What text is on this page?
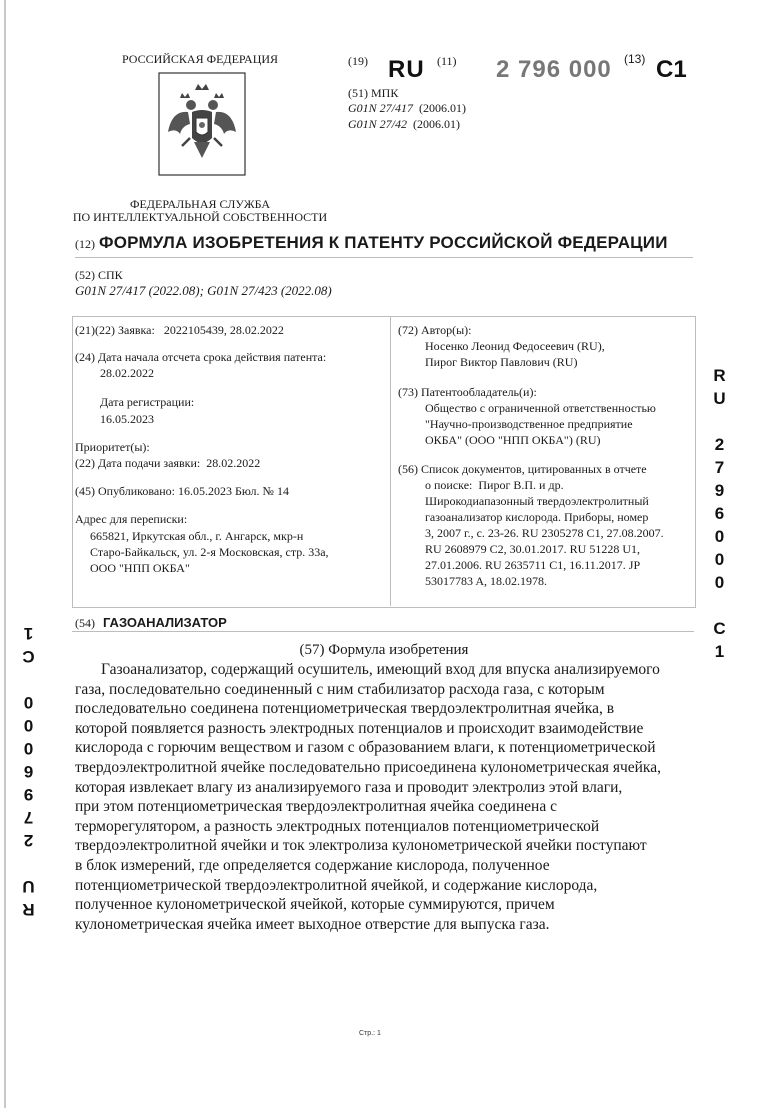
РОССИЙСКАЯ ФЕДЕРАЦИЯ
ФЕДЕРАЛЬНАЯ СЛУЖБА
ПО ИНТЕЛЛЕКТУАЛЬНОЙ СОБСТВЕННОСТИ
(19) RU (11) 2 796 000 (13) C1
(51) МПК
G01N 27/417 (2006.01)
G01N 27/42 (2006.01)
(12) ФОРМУЛА ИЗОБРЕТЕНИЯ К ПАТЕНТУ РОССИЙСКОЙ ФЕДЕРАЦИИ
(52) СПК
G01N 27/417 (2022.08); G01N 27/423 (2022.08)
(21)(22) Заявка: 2022105439, 28.02.2022
(24) Дата начала отсчета срока действия патента:
28.02.2022
Дата регистрации:
16.05.2023
Приоритет(ы):
(22) Дата подачи заявки: 28.02.2022
(45) Опубликовано: 16.05.2023 Бюл. № 14
Адрес для переписки:
665821, Иркутская обл., г. Ангарск, мкр-н
Старо-Байкальск, ул. 2-я Московская, стр. 33а,
ООО "НПП ОКБА"
(72) Автор(ы):
Носенко Леонид Федосеевич (RU),
Пирог Виктор Павлович (RU)
(73) Патентообладатель(и):
Общество с ограниченной ответственностью
"Научно-производственное предприятие
ОКБА" (ООО "НПП ОКБА") (RU)
(56) Список документов, цитированных в отчете
о поиске: Пирог В.П. и др.
Широкодиапазонный твердоэлектролитный
газоанализатор кислорода. Приборы, номер
3, 2007 г., с. 23-26. RU 2305278 C1, 27.08.2007.
RU 2608979 C2, 30.01.2017. RU 51228 U1,
27.01.2006. RU 2635711 C1, 16.11.2017. JP
53017783 A, 18.02.1978.
(54) ГАЗОАНАЛИЗАТОР
(57) Формула изобретения
Газоанализатор, содержащий осушитель, имеющий вход для впуска анализируемого
газа, последовательно соединенный с ним стабилизатор расхода газа, с которым
последовательно соединена потенциометрическая твердоэлектролитная ячейка, в
которой появляется разность электродных потенциалов и происходит взаимодействие
кислорода с горючим веществом и газом с образованием влаги, к потенциометрической
твердоэлектролитной ячейке последовательно присоединена кулонометрическая ячейка,
которая извлекает влагу из анализируемого газа и проводит электролиз этой влаги,
при этом потенциометрическая твердоэлектролитная ячейка соединена с
терморегулятором, а разность электродных потенциалов потенциометрической
твердоэлектролитной ячейки и ток электролиза кулонометрической ячейки поступают
в блок измерений, где определяется содержание кислорода, полученное
потенциометрической твердоэлектролитной ячейкой, и содержание кислорода,
полученное кулонометрической ячейкой, которые суммируются, причем
кулонометрическая ячейка имеет выходное отверстие для выпуска газа.
RU 2796000 C1
RU 2796000 C1
Стр.: 1
